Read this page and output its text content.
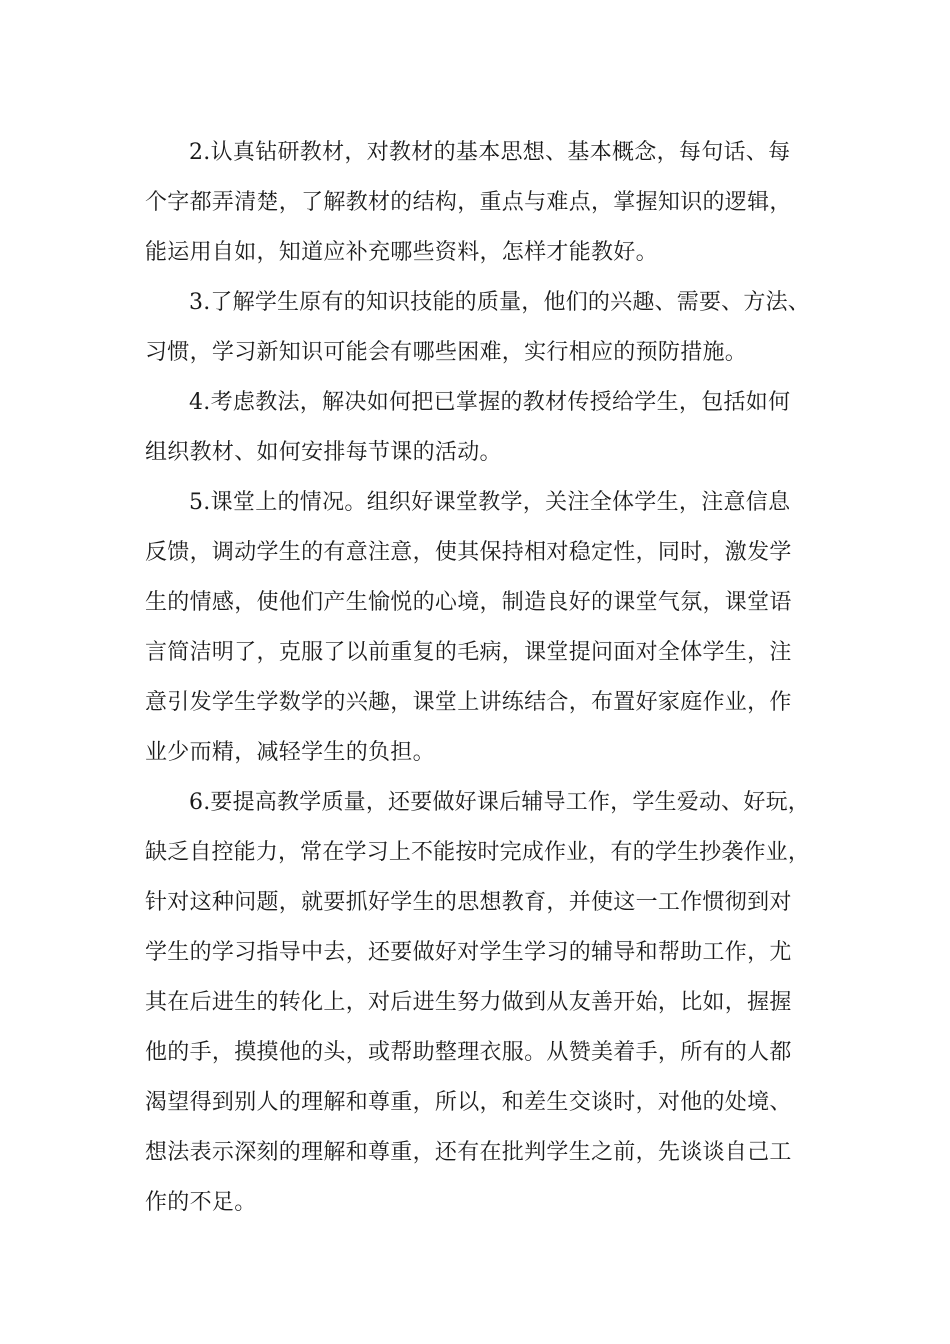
2.认真钻研教材，对教材的基本思想、基本概念，每句话、每
个字都弄清楚，了解教材的结构，重点与难点，掌握知识的逻辑，
能运用自如，知道应补充哪些资料，怎样才能教好。
3.了解学生原有的知识技能的质量，他们的兴趣、需要、方法、
习惯，学习新知识可能会有哪些困难，实行相应的预防措施。
4.考虑教法，解决如何把已掌握的教材传授给学生，包括如何
组织教材、如何安排每节课的活动。
5.课堂上的情况。组织好课堂教学，关注全体学生，注意信息
反馈，调动学生的有意注意，使其保持相对稳定性，同时，激发学
生的情感，使他们产生愉悦的心境，制造良好的课堂气氛，课堂语
言简洁明了，克服了以前重复的毛病，课堂提问面对全体学生，注
意引发学生学数学的兴趣，课堂上讲练结合，布置好家庭作业，作
业少而精，减轻学生的负担。
6.要提高教学质量，还要做好课后辅导工作，学生爱动、好玩，
缺乏自控能力，常在学习上不能按时完成作业，有的学生抄袭作业，
针对这种问题，就要抓好学生的思想教育，并使这一工作惯彻到对
学生的学习指导中去，还要做好对学生学习的辅导和帮助工作，尤
其在后进生的转化上，对后进生努力做到从友善开始，比如，握握
他的手，摸摸他的头，或帮助整理衣服。从赞美着手，所有的人都
渴望得到别人的理解和尊重，所以，和差生交谈时，对他的处境、
想法表示深刻的理解和尊重，还有在批判学生之前，先谈谈自己工
作的不足。
